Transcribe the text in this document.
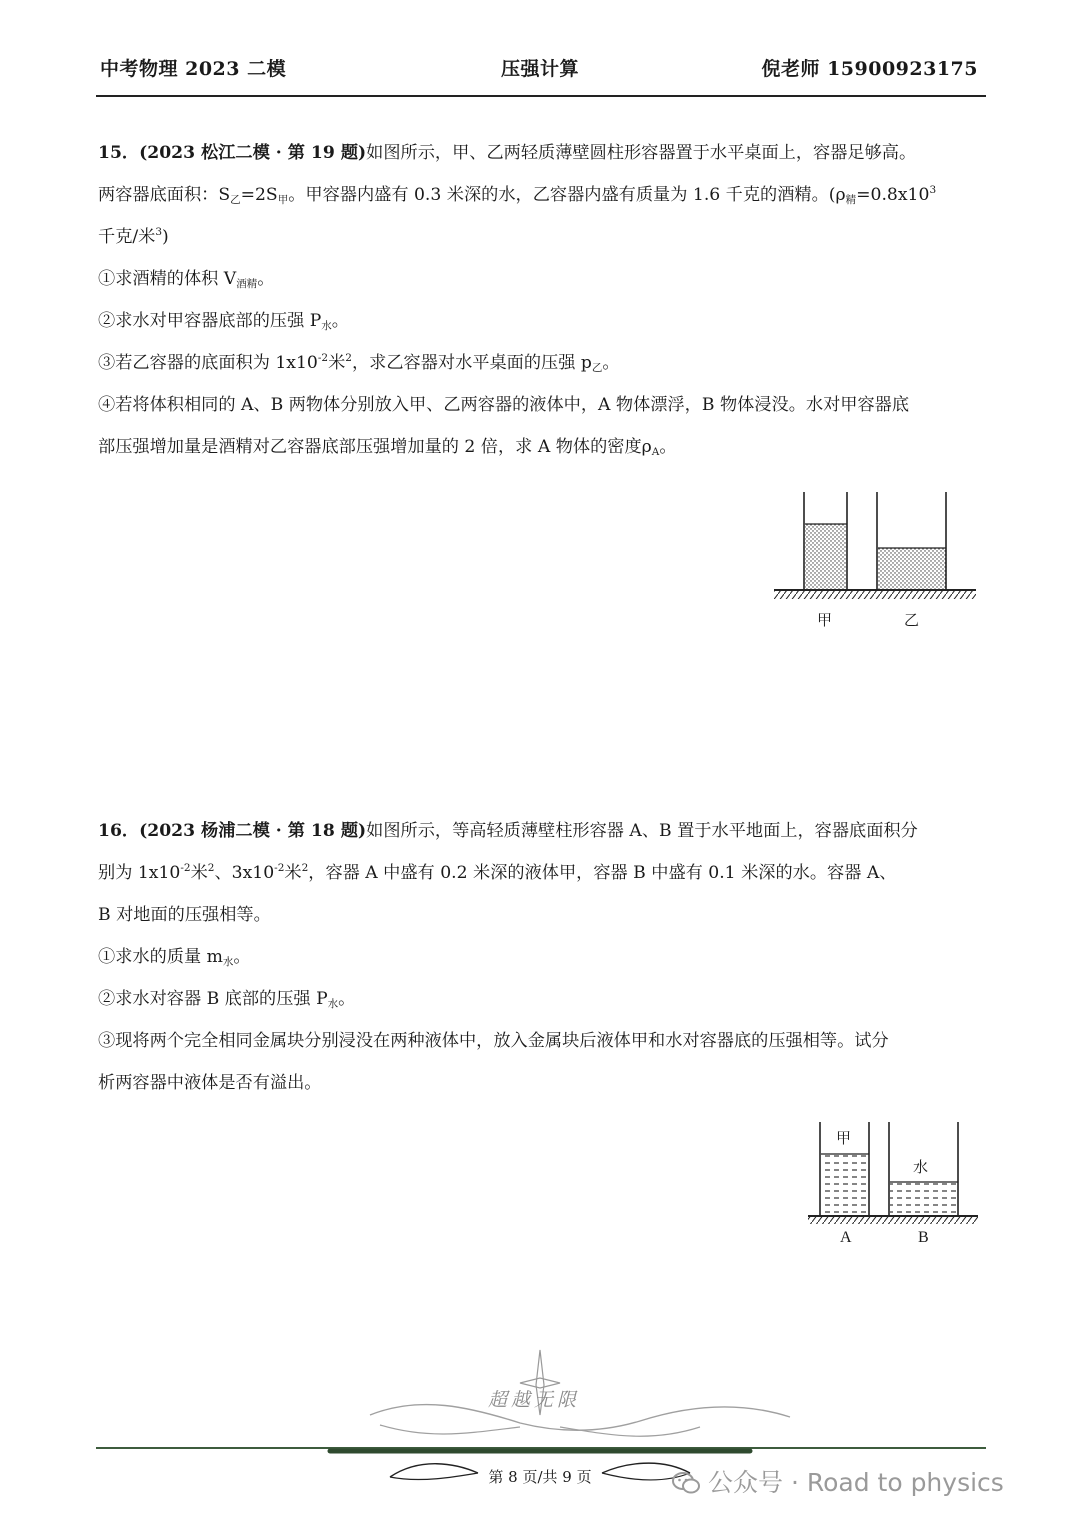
中考物理 2023 二模	压强计算	倪老师 15900923175

15．(2023 松江二模 · 第 19 题)如图所示，甲、乙两轻质薄壁圆柱形容器置于水平桌面上，容器足够高。

两容器底面积：$S_乙=2S_甲$。甲容器内盛有 0.3 米深的水，乙容器内盛有质量为 1.6 千克的酒精。($\rho_精=0.8x10^3$

千克/米$^3$)

①求酒精的体积 $V_{酒精}$。

②求水对甲容器底部的压强 $P_水$。

③若乙容器的底面积为 $1x10^{-2}$米$^2$，求乙容器对水平桌面的压强 $p_乙$。

④若将体积相同的 A、B 两物体分别放入甲、乙两容器的液体中，A 物体漂浮，B 物体浸没。水对甲容器底

部压强增加量是酒精对乙容器底部压强增加量的 2 倍，求 A 物体的密度$\rho_A$。

甲	乙

16．(2023 杨浦二模 · 第 18 题)如图所示，等高轻质薄壁柱形容器 A、B 置于水平地面上，容器底面积分

别为 $1x10^{-2}$米$^2$、$3x10^{-2}$米$^2$，容器 A 中盛有 0.2 米深的液体甲，容器 B 中盛有 0.1 米深的水。容器 A、

B 对地面的压强相等。

①求水的质量 $m_水$。

②求水对容器 B 底部的压强 $P_水$。

③现将两个完全相同金属块分别浸没在两种液体中，放入金属块后液体甲和水对容器底的压强相等。试分

析两容器中液体是否有溢出。

甲
水
A	B
超越无限
第 8 页/共 9 页	公众号 · Road to physics
